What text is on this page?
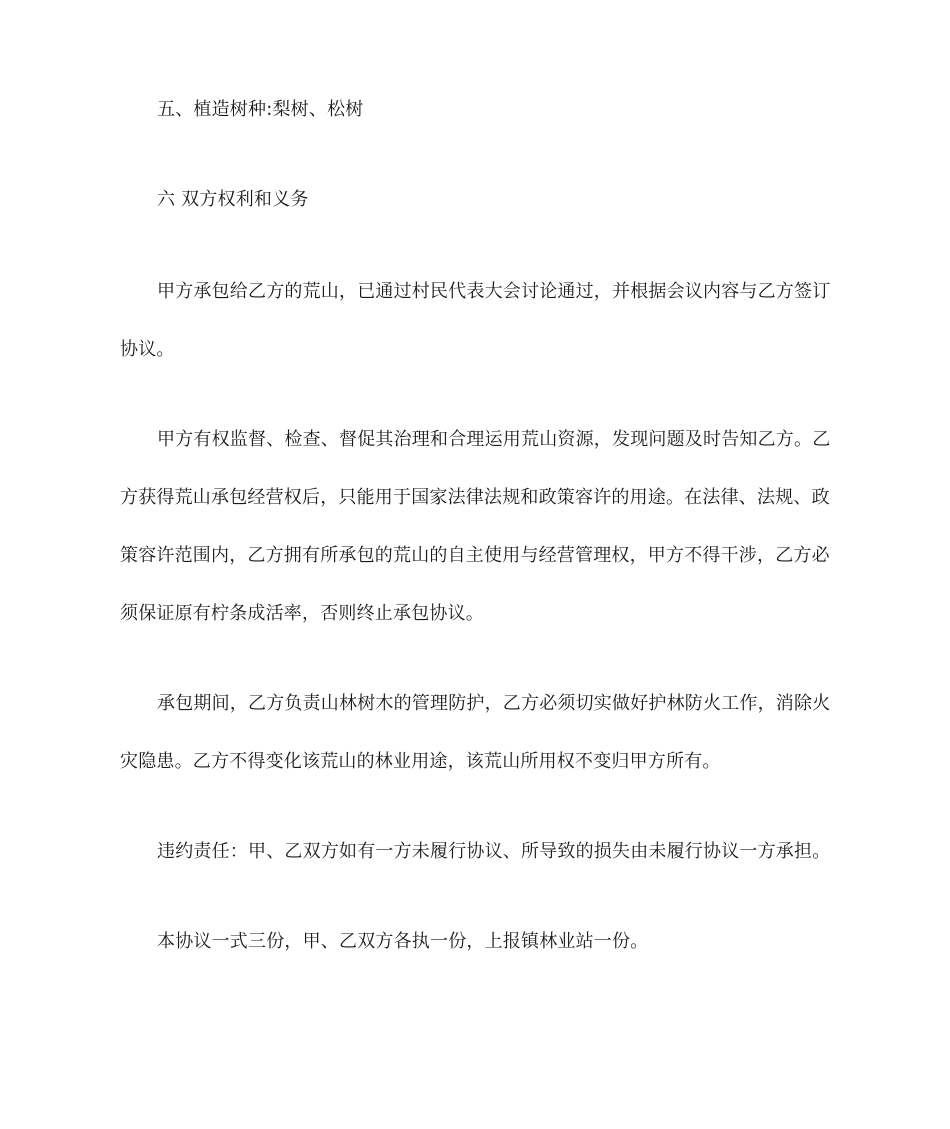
五、植造树种:梨树、松树
六 双方权利和义务
甲方承包给乙方的荒山，已通过村民代表大会讨论通过，并根据会议内容与乙方签订
协议。
甲方有权监督、检查、督促其治理和合理运用荒山资源，发现问题及时告知乙方。乙
方获得荒山承包经营权后，只能用于国家法律法规和政策容许的用途。在法律、法规、政
策容许范围内，乙方拥有所承包的荒山的自主使用与经营管理权，甲方不得干涉，乙方必
须保证原有柠条成活率，否则终止承包协议。
承包期间，乙方负责山林树木的管理防护，乙方必须切实做好护林防火工作，消除火
灾隐患。乙方不得变化该荒山的林业用途，该荒山所用权不变归甲方所有。
违约责任：甲、乙双方如有一方未履行协议、所导致的损失由未履行协议一方承担。
本协议一式三份，甲、乙双方各执一份，上报镇林业站一份。
